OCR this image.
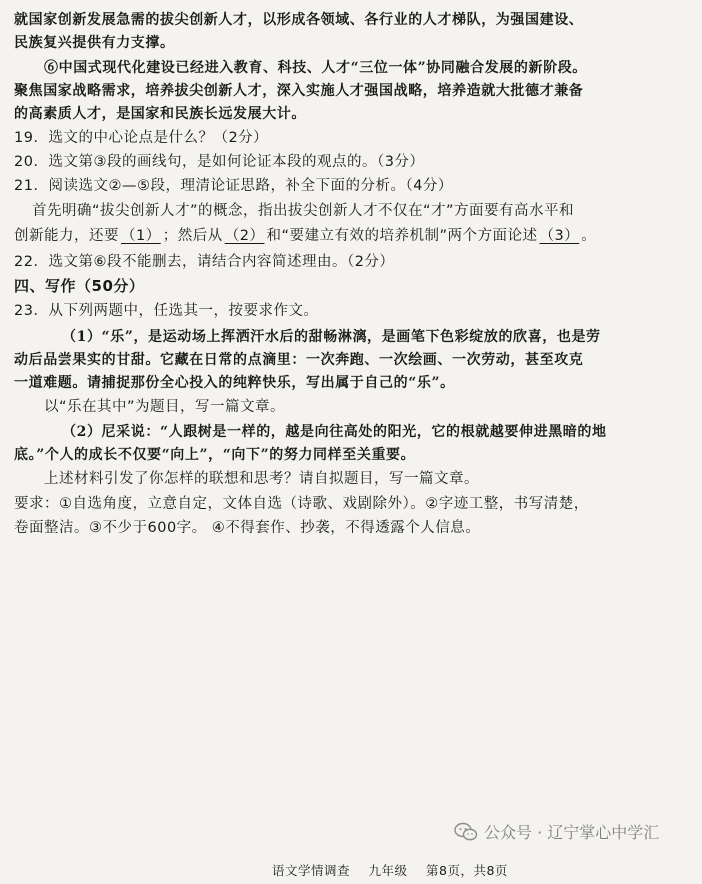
就国家创新发展急需的拔尖创新人才，以形成各领域、各行业的人才梯队，为强国建设、
民族复兴提供有力支撑。
⑥中国式现代化建设已经进入教育、科技、人才“三位一体”协同融合发展的新阶段。
聚焦国家战略需求，培养拔尖创新人才，深入实施人才强国战略，培养造就大批德才兼备
的高素质人才，是国家和民族长远发展大计。
19．选文的中心论点是什么？（2分）
20．选文第③段的画线句，是如何论证本段的观点的。（3分）
21．阅读选文②—⑤段，理清论证思路，补全下面的分析。（4分）
首先明确“拔尖创新人才”的概念，指出拔尖创新人才不仅在“才”方面要有高水平和
创新能力，还要 （1） ；然后从 （2） 和“要建立有效的培养机制”两个方面论述 （3） 。
22．选文第⑥段不能删去，请结合内容简述理由。（2分）
四、写作（50分）
23．从下列两题中，任选其一，按要求作文。
（1）“乐”，是运动场上挥洒汗水后的甜畅淋漓，是画笔下色彩绽放的欣喜，也是劳
动后品尝果实的甘甜。它藏在日常的点滴里：一次奔跑、一次绘画、一次劳动，甚至攻克
一道难题。请捕捉那份全心投入的纯粹快乐，写出属于自己的“乐”。
以“乐在其中”为题目，写一篇文章。
（2）尼采说：“人跟树是一样的，越是向往高处的阳光，它的根就越要伸进黑暗的地
底。”个人的成长不仅要“向上”，“向下”的努力同样至关重要。
上述材料引发了你怎样的联想和思考？请自拟题目，写一篇文章。
要求：①自选角度，立意自定，文体自选（诗歌、戏剧除外）。②字迹工整，书写清楚，
卷面整洁。③不少于600字。 ④不得套作、抄袭，不得透露个人信息。
公众号 · 辽宁掌心中学汇
语文学情调查 九年级 第8页，共8页
